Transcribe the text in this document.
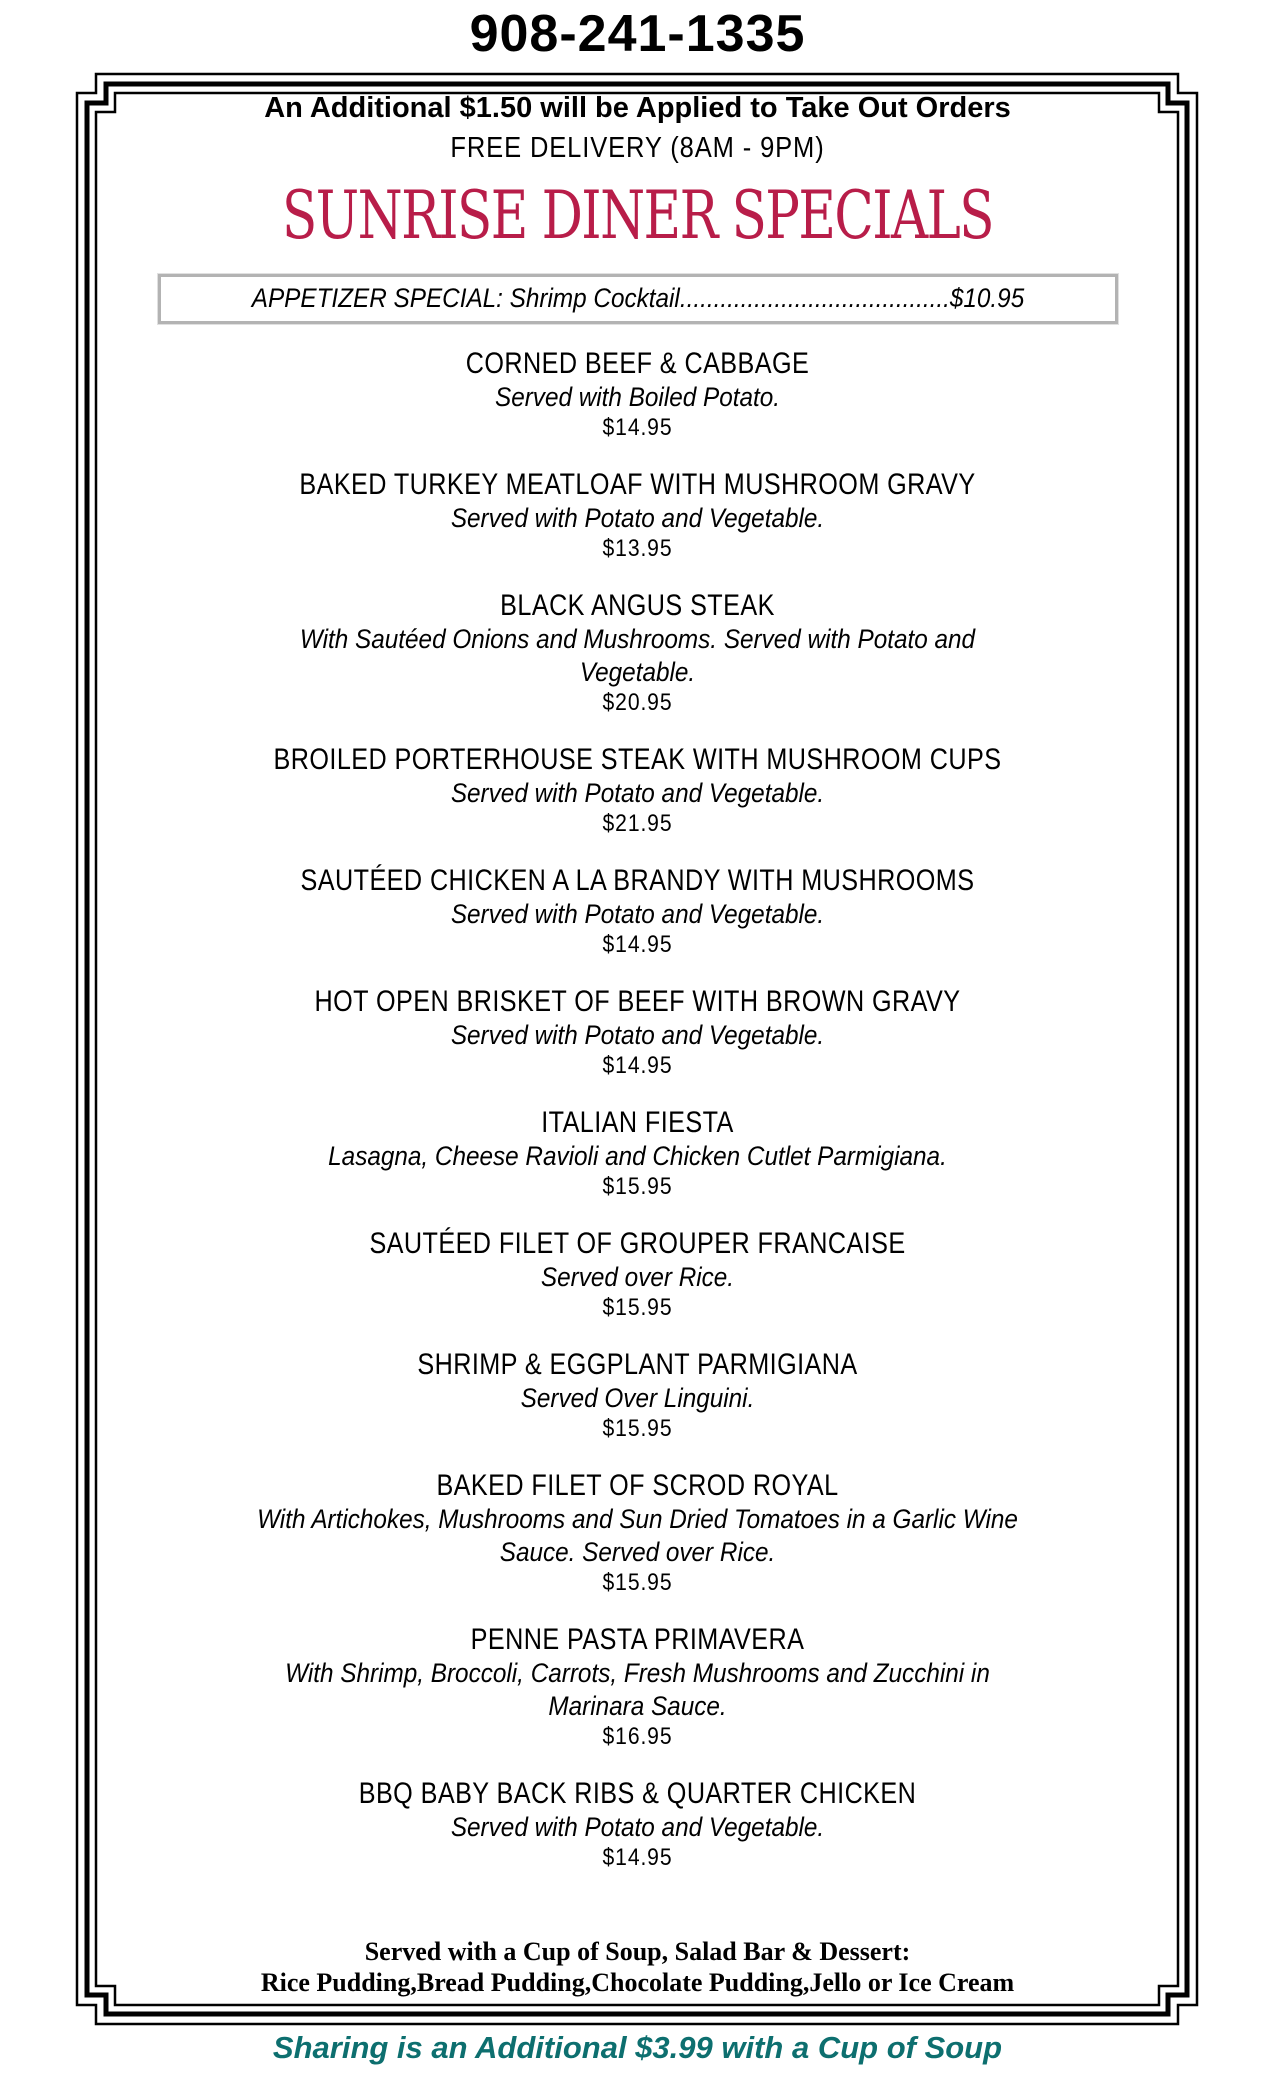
908-241-1335
An Additional $1.50 will be Applied to Take Out Orders
FREE DELIVERY (8AM - 9PM)
SUNRISE DINER SPECIALS
APPETIZER SPECIAL: Shrimp Cocktail........................................$10.95
CORNED BEEF & CABBAGE
Served with Boiled Potato.
$14.95
BAKED TURKEY MEATLOAF WITH MUSHROOM GRAVY
Served with Potato and Vegetable.
$13.95
BLACK ANGUS STEAK
With Sautéed Onions and Mushrooms. Served with Potato and
Vegetable.
$20.95
BROILED PORTERHOUSE STEAK WITH MUSHROOM CUPS
Served with Potato and Vegetable.
$21.95
SAUTÉED CHICKEN A LA BRANDY WITH MUSHROOMS
Served with Potato and Vegetable.
$14.95
HOT OPEN BRISKET OF BEEF WITH BROWN GRAVY
Served with Potato and Vegetable.
$14.95
ITALIAN FIESTA
Lasagna, Cheese Ravioli and Chicken Cutlet Parmigiana.
$15.95
SAUTÉED FILET OF GROUPER FRANCAISE
Served over Rice.
$15.95
SHRIMP & EGGPLANT PARMIGIANA
Served Over Linguini.
$15.95
BAKED FILET OF SCROD ROYAL
With Artichokes, Mushrooms and Sun Dried Tomatoes in a Garlic Wine
Sauce. Served over Rice.
$15.95
PENNE PASTA PRIMAVERA
With Shrimp, Broccoli, Carrots, Fresh Mushrooms and Zucchini in
Marinara Sauce.
$16.95
BBQ BABY BACK RIBS & QUARTER CHICKEN
Served with Potato and Vegetable.
$14.95
Served with a Cup of Soup, Salad Bar & Dessert:
Rice Pudding,Bread Pudding,Chocolate Pudding,Jello or Ice Cream
Sharing is an Additional $3.99 with a Cup of Soup
